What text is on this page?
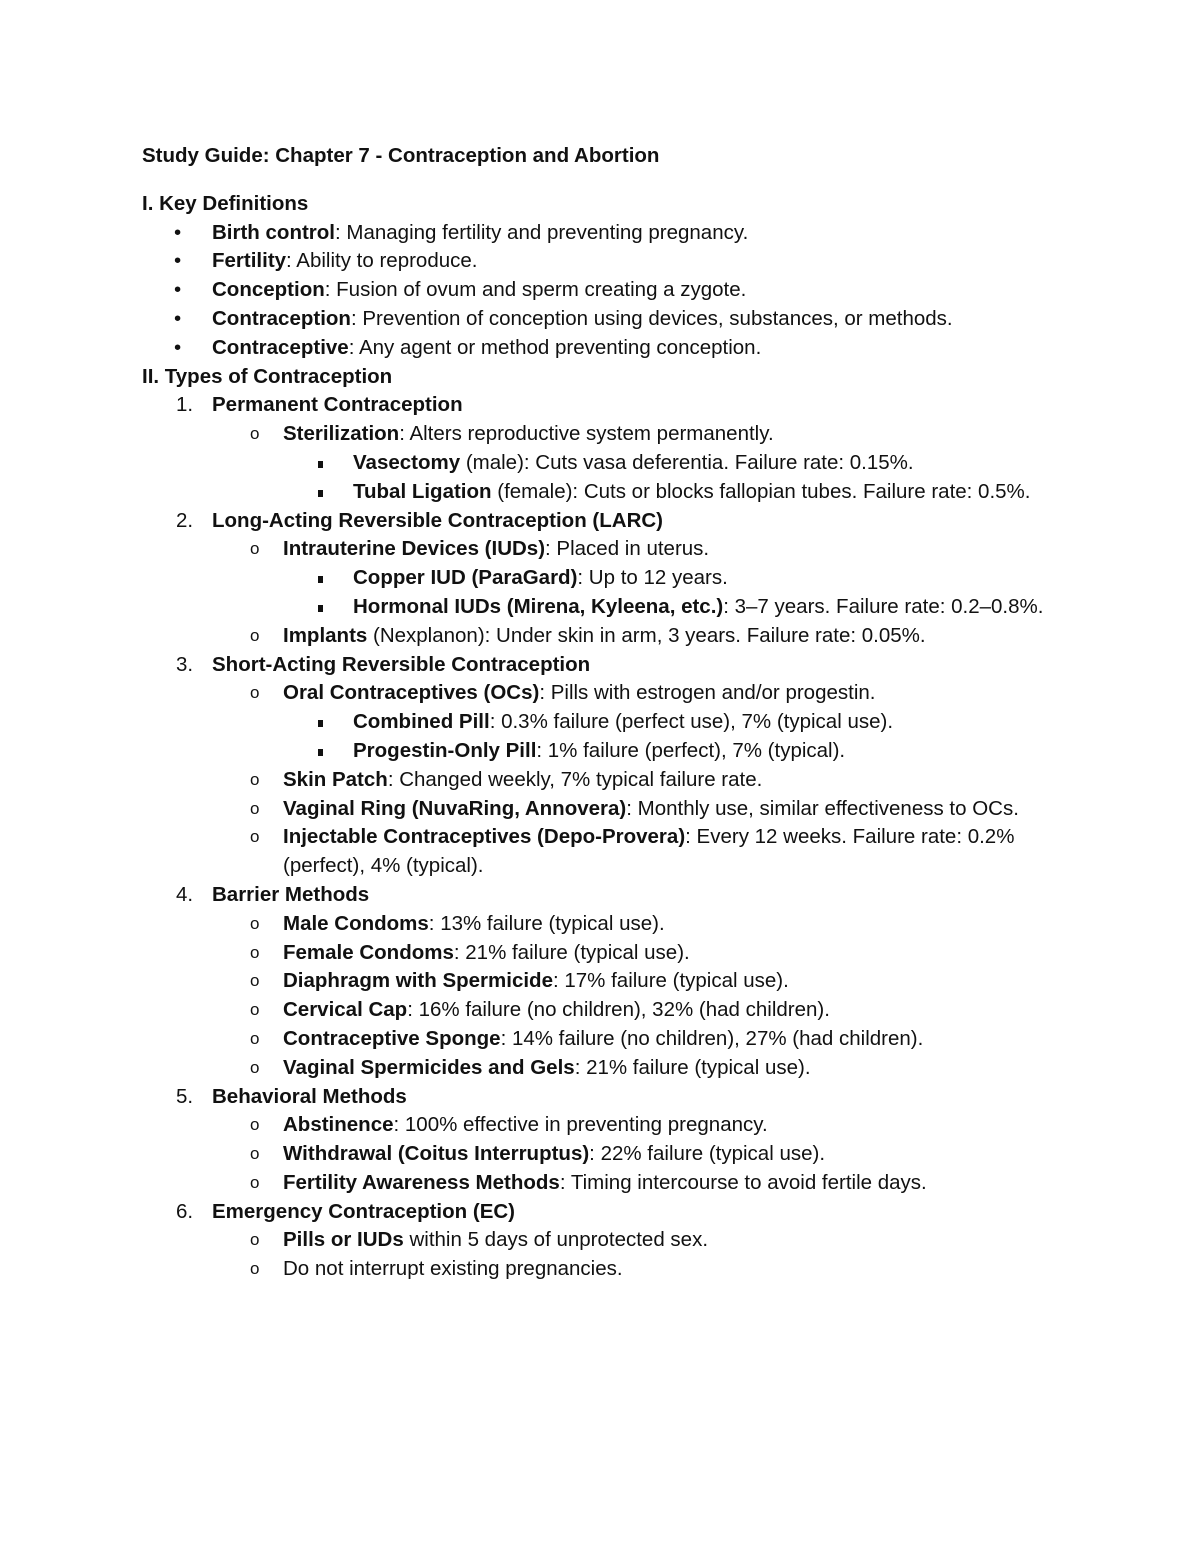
Study Guide: Chapter 7 - Contraception and Abortion
I. Key Definitions
• Birth control: Managing fertility and preventing pregnancy.
• Fertility: Ability to reproduce.
• Conception: Fusion of ovum and sperm creating a zygote.
• Contraception: Prevention of conception using devices, substances, or methods.
• Contraceptive: Any agent or method preventing conception.
II. Types of Contraception
1. Permanent Contraception
o Sterilization: Alters reproductive system permanently.
Vasectomy (male): Cuts vasa deferentia. Failure rate: 0.15%.
Tubal Ligation (female): Cuts or blocks fallopian tubes. Failure rate: 0.5%.
2. Long-Acting Reversible Contraception (LARC)
o Intrauterine Devices (IUDs): Placed in uterus.
Copper IUD (ParaGard): Up to 12 years.
Hormonal IUDs (Mirena, Kyleena, etc.): 3–7 years. Failure rate: 0.2–0.8%.
o Implants (Nexplanon): Under skin in arm, 3 years. Failure rate: 0.05%.
3. Short-Acting Reversible Contraception
o Oral Contraceptives (OCs): Pills with estrogen and/or progestin.
Combined Pill: 0.3% failure (perfect use), 7% (typical use).
Progestin-Only Pill: 1% failure (perfect), 7% (typical).
o Skin Patch: Changed weekly, 7% typical failure rate.
o Vaginal Ring (NuvaRing, Annovera): Monthly use, similar effectiveness to OCs.
o Injectable Contraceptives (Depo-Provera): Every 12 weeks. Failure rate: 0.2% (perfect), 4% (typical).
4. Barrier Methods
o Male Condoms: 13% failure (typical use).
o Female Condoms: 21% failure (typical use).
o Diaphragm with Spermicide: 17% failure (typical use).
o Cervical Cap: 16% failure (no children), 32% (had children).
o Contraceptive Sponge: 14% failure (no children), 27% (had children).
o Vaginal Spermicides and Gels: 21% failure (typical use).
5. Behavioral Methods
o Abstinence: 100% effective in preventing pregnancy.
o Withdrawal (Coitus Interruptus): 22% failure (typical use).
o Fertility Awareness Methods: Timing intercourse to avoid fertile days.
6. Emergency Contraception (EC)
o Pills or IUDs within 5 days of unprotected sex.
o Do not interrupt existing pregnancies.
